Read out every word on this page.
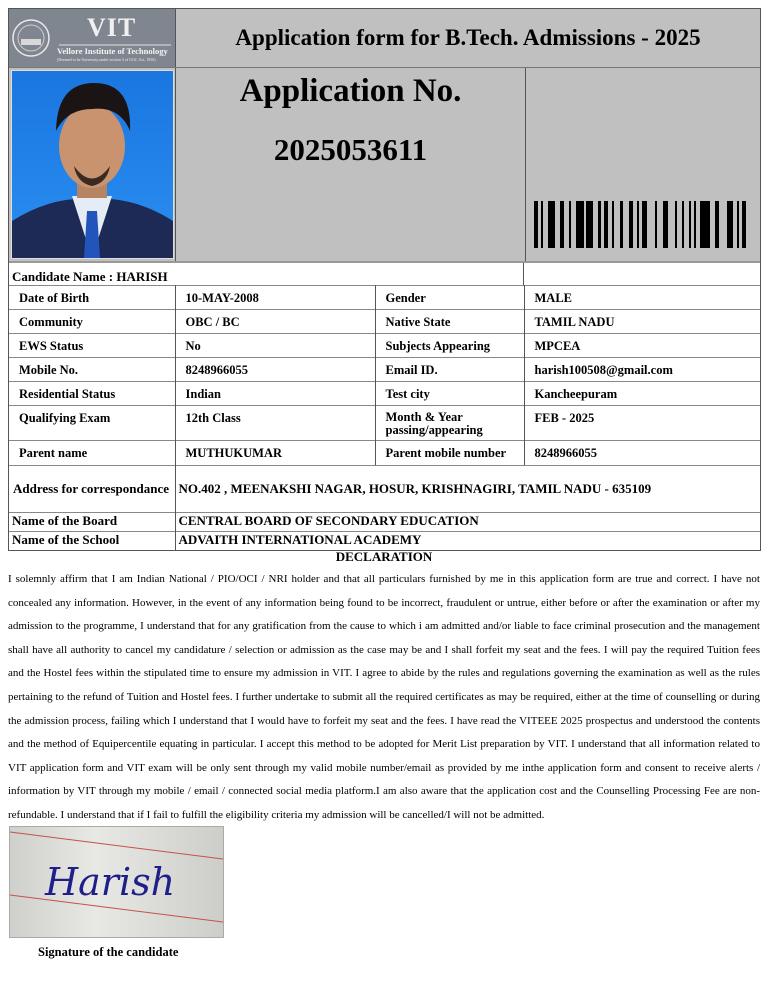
VIT
Vellore Institute of Technology
(Deemed to be University under section 3 of UGC Act, 1956)
Application form for B.Tech. Admissions - 2025
Application No.
2025053611
Candidate Name : HARISH
Date of Birth	10-MAY-2008	Gender	MALE
Community	OBC / BC	Native State	TAMIL NADU
EWS Status	No	Subjects Appearing	MPCEA
Mobile No.	8248966055	Email ID.	harish100508@gmail.com
Residential Status	Indian	Test city	Kancheepuram
Qualifying Exam	12th Class	Month & Year passing/appearing	FEB - 2025
Parent name	MUTHUKUMAR	Parent mobile number	8248966055
Address for correspondance	NO.402 , MEENAKSHI NAGAR, HOSUR, KRISHNAGIRI, TAMIL NADU - 635109
Name of the Board	CENTRAL BOARD OF SECONDARY EDUCATION
Name of the School	ADVAITH INTERNATIONAL ACADEMY
DECLARATION
I solemnly affirm that I am Indian National / PIO/OCI / NRI holder and that all particulars furnished by me in this application form are true and correct. I have not concealed any information. However, in the event of any information being found to be incorrect, fraudulent or untrue, either before or after the examination or after my admission to the programme, I understand that for any gratification from the cause to which i am admitted and/or liable to face criminal prosecution and the management shall have all authority to cancel my candidature / selection or admission as the case may be and I shall forfeit my seat and the fees. I will pay the required Tuition fees and the Hostel fees within the stipulated time to ensure my admission in VIT. I agree to abide by the rules and regulations governing the examination as well as the rules pertaining to the refund of Tuition and Hostel fees. I further undertake to submit all the required certificates as may be required, either at the time of counselling or during the admission process, failing which I understand that I would have to forfeit my seat and the fees. I have read the VITEEE 2025 prospectus and understood the contents and the method of Equipercentile equating in particular. I accept this method to be adopted for Merit List preparation by VIT. I understand that all information related to VIT application form and VIT exam will be only sent through my valid mobile number/email as provided by me inthe application form and consent to receive alerts / information by VIT through my mobile / email / connected social media platform.I am also aware that the application cost and the Counselling Processing Fee are non-refundable. I understand that if I fail to fulfill the eligibility criteria my admission will be cancelled/I will not be admitted.
Harish
Signature of the candidate
